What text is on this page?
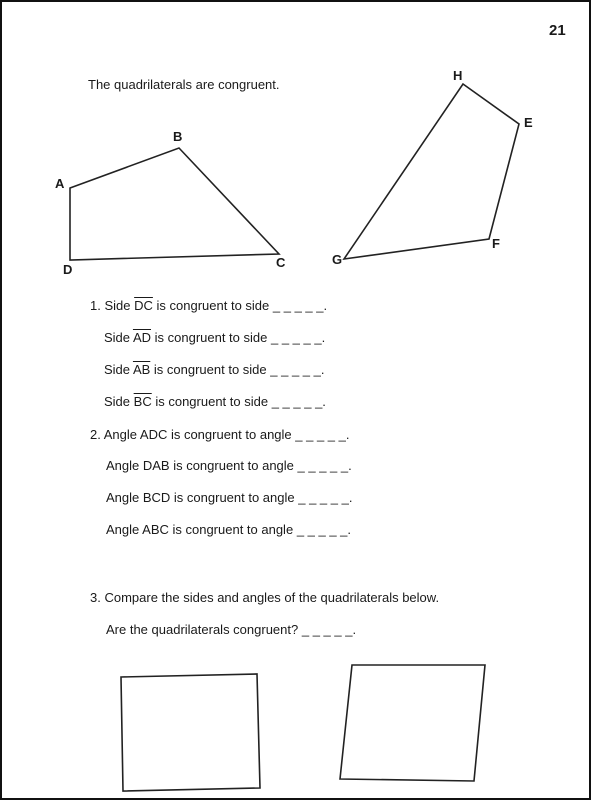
21
The quadrilaterals are congruent.
A
B
C
D
E
F
G
H
1. Side $\overline{DC}$ is congruent to side _ _ _ _ _.
Side $\overline{AD}$ is congruent to side _ _ _ _ _.
Side $\overline{AB}$ is congruent to side _ _ _ _ _.
Side $\overline{BC}$ is congruent to side _ _ _ _ _.
2. Angle ADC is congruent to angle _ _ _ _ _.
Angle DAB is congruent to angle _ _ _ _ _.
Angle BCD is congruent to angle _ _ _ _ _.
Angle ABC is congruent to angle _ _ _ _ _.
3. Compare the sides and angles of the quadrilaterals below.
Are the quadrilaterals congruent? _ _ _ _ _.
